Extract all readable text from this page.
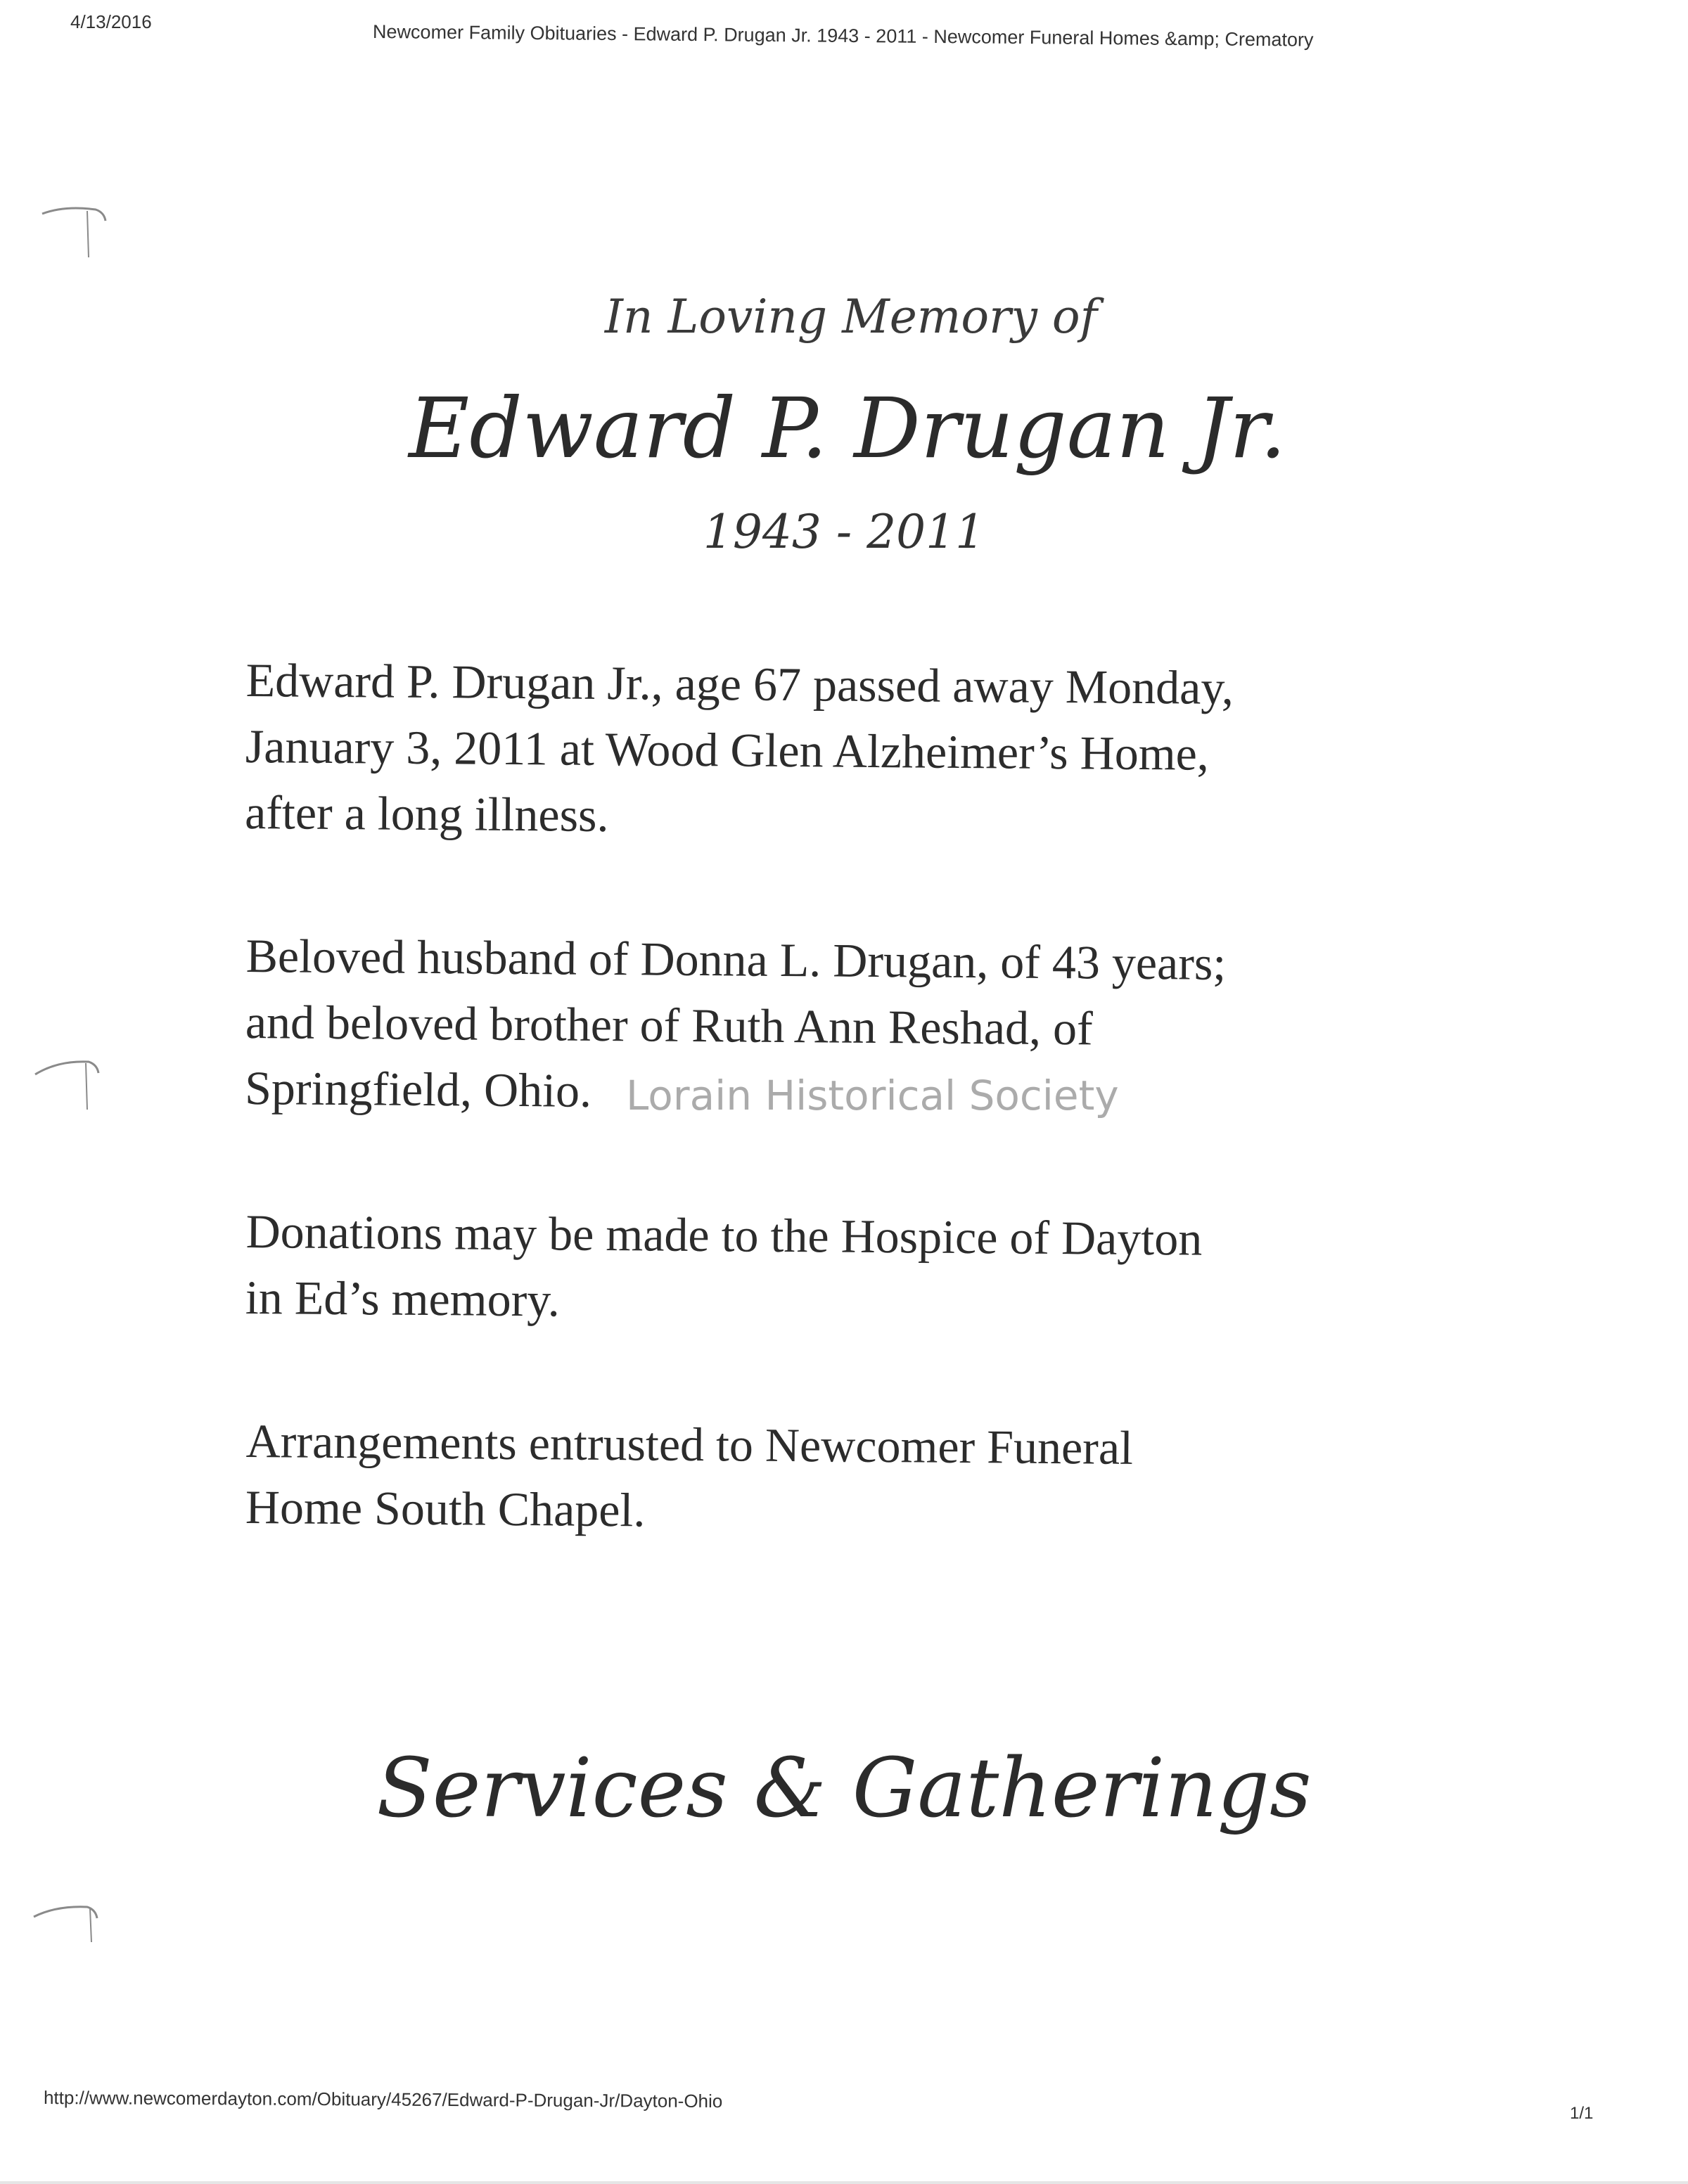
4/13/2016	Newcomer Family Obituaries - Edward P. Drugan Jr. 1943 - 2011 - Newcomer Funeral Homes &amp; Crematory
In Loving Memory of
Edward P. Drugan Jr.
1943 - 2011

Edward P. Drugan Jr., age 67 passed away Monday,
January 3, 2011 at Wood Glen Alzheimer’s Home,
after a long illness.

Beloved husband of Donna L. Drugan, of 43 years;
and beloved brother of Ruth Ann Reshad, of
Springfield, Ohio.

Donations may be made to the Hospice of Dayton
in Ed’s memory.

Arrangements entrusted to Newcomer Funeral
Home South Chapel.

Lorain Historical Society
Services & Gatherings
http://www.newcomerdayton.com/Obituary/45267/Edward-P-Drugan-Jr/Dayton-Ohio
1/1
